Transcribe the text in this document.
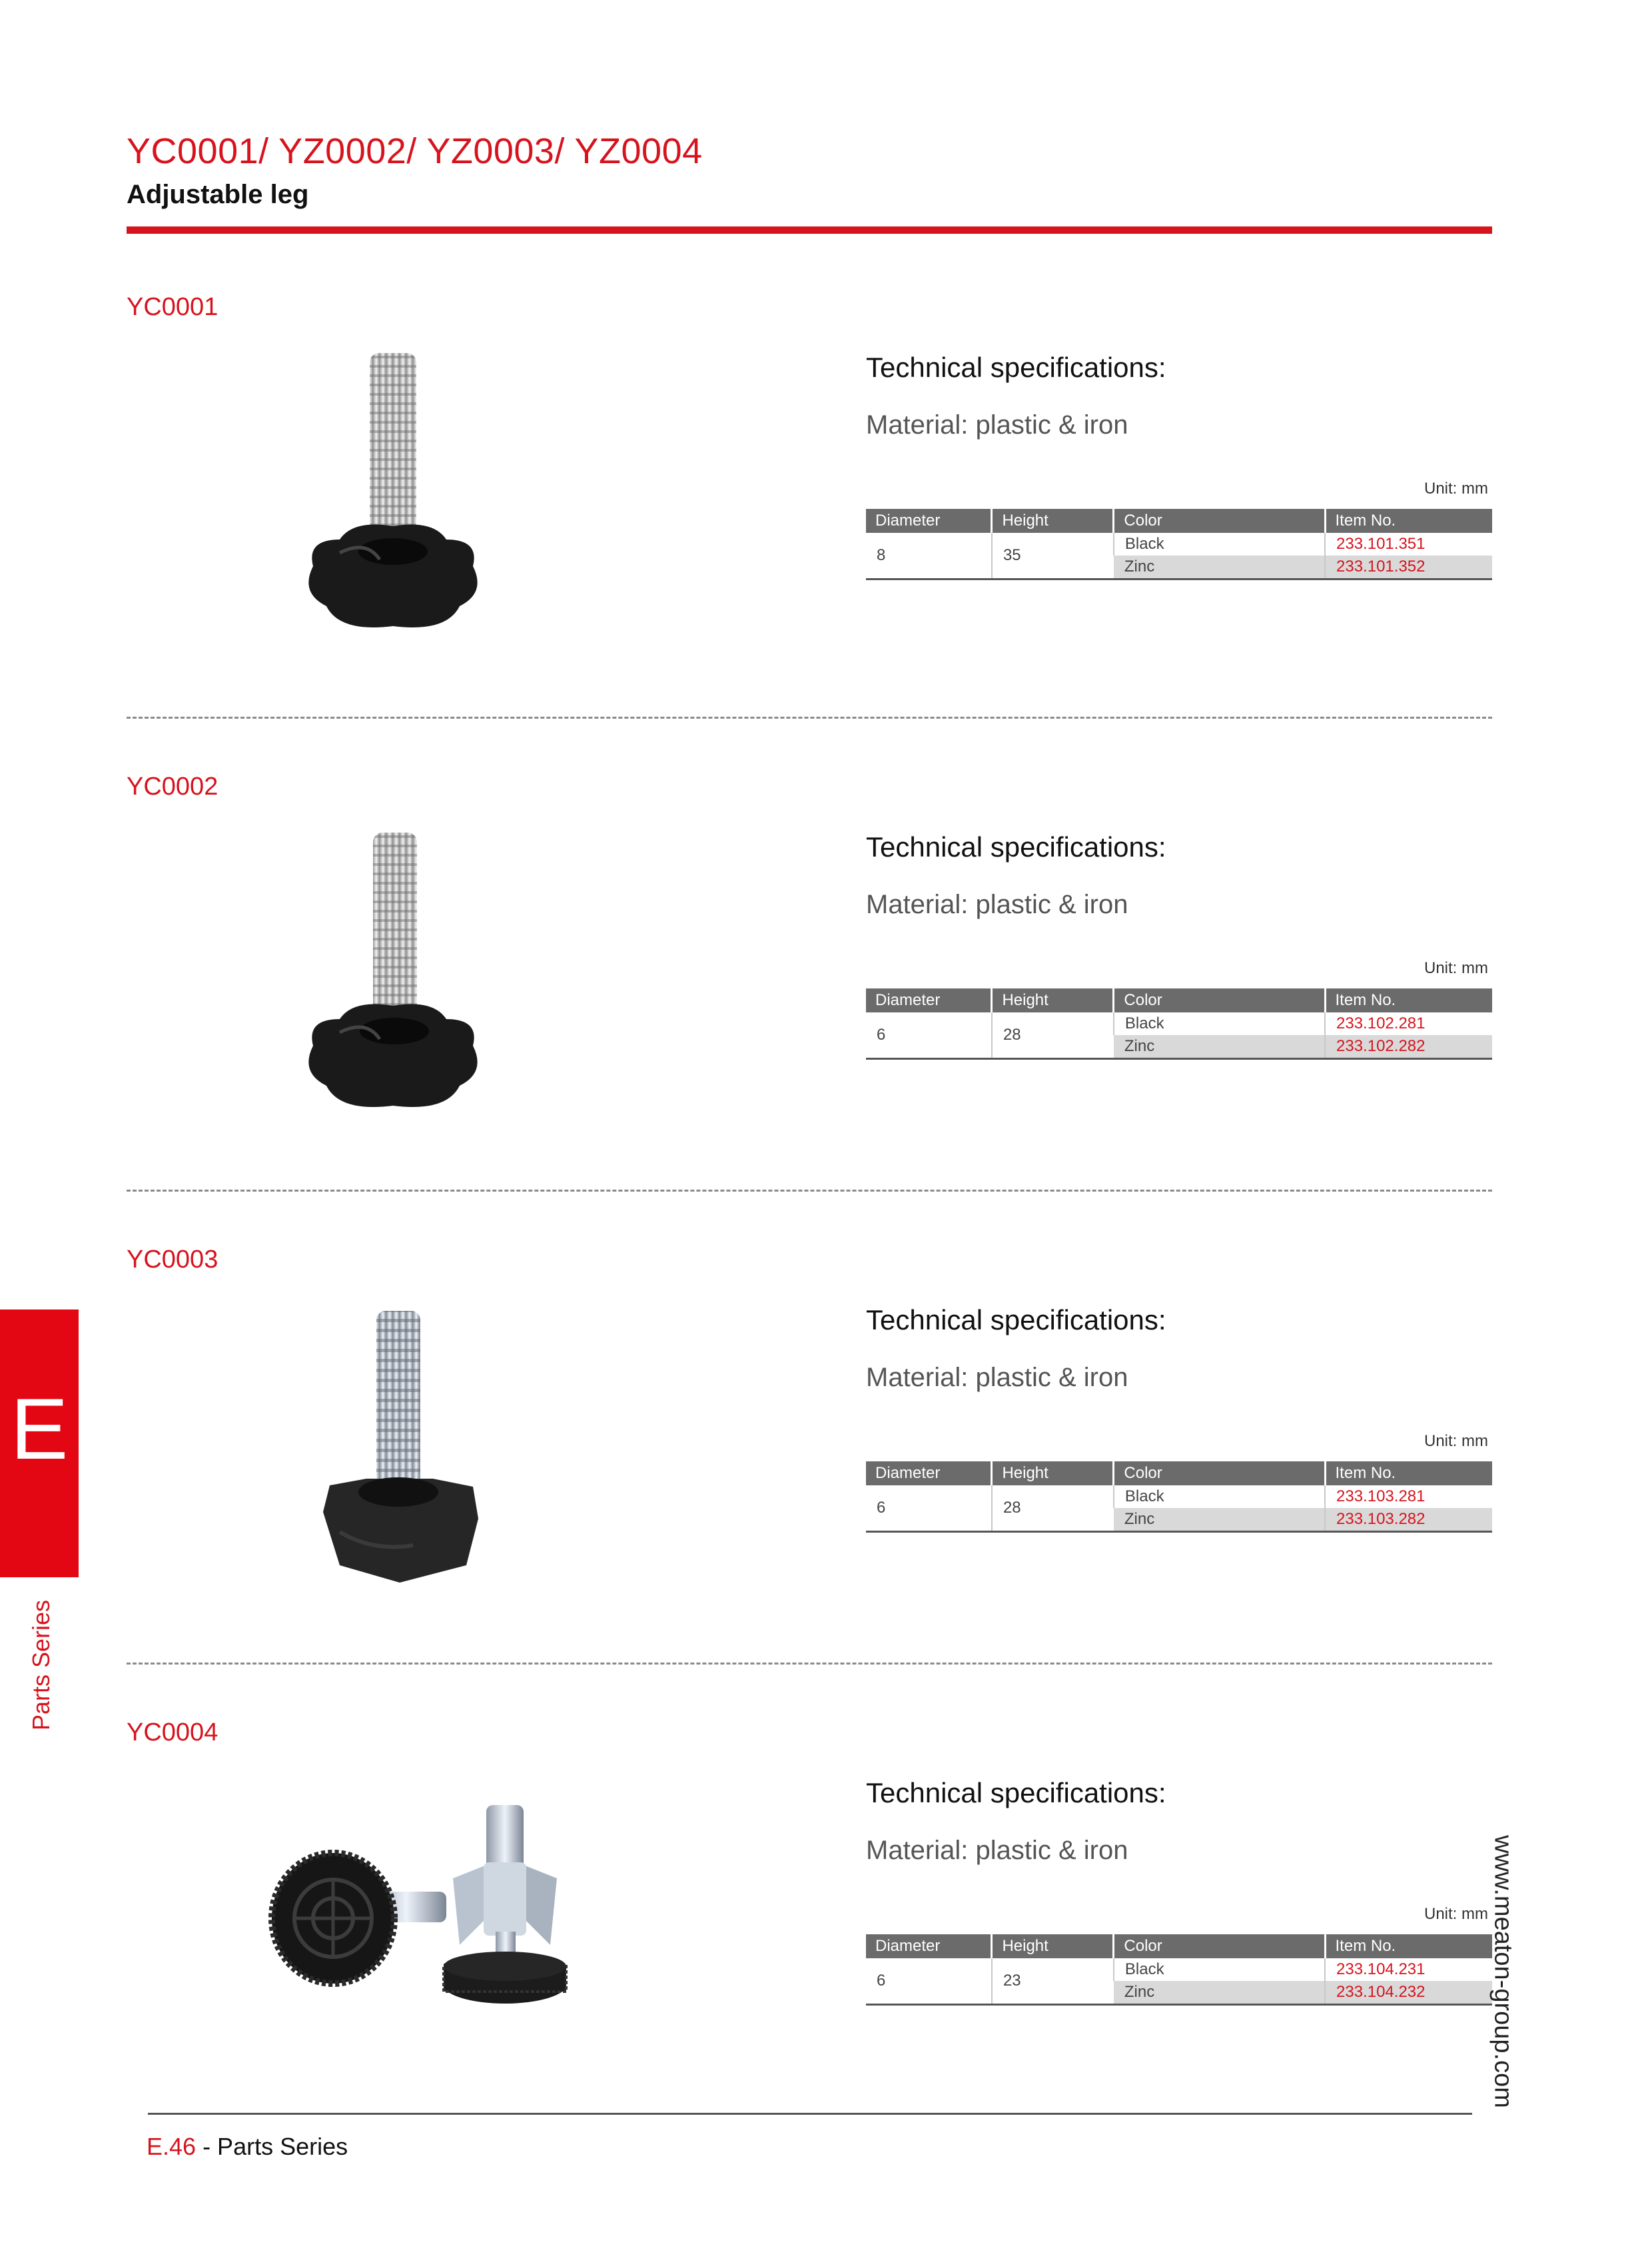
YC0001/ YZ0002/ YZ0003/ YZ0004
Adjustable leg
YC0001
Technical specifications:
Material: plastic & iron
Unit: mm
Diameter	Height	Color	Item No.
8	35	Black	233.101.351
		Zinc	233.101.352
YC0002
Technical specifications:
Material: plastic & iron
Unit: mm
Diameter	Height	Color	Item No.
6	28	Black	233.102.281
		Zinc	233.102.282
YC0003
Technical specifications:
Material: plastic & iron
Unit: mm
Diameter	Height	Color	Item No.
6	28	Black	233.103.281
		Zinc	233.103.282
YC0004
Technical specifications:
Material: plastic & iron
Unit: mm
Diameter	Height	Color	Item No.
6	23	Black	233.104.231
		Zinc	233.104.232
E
Parts Series
www.meaton-group.com
E.46 - Parts Series
